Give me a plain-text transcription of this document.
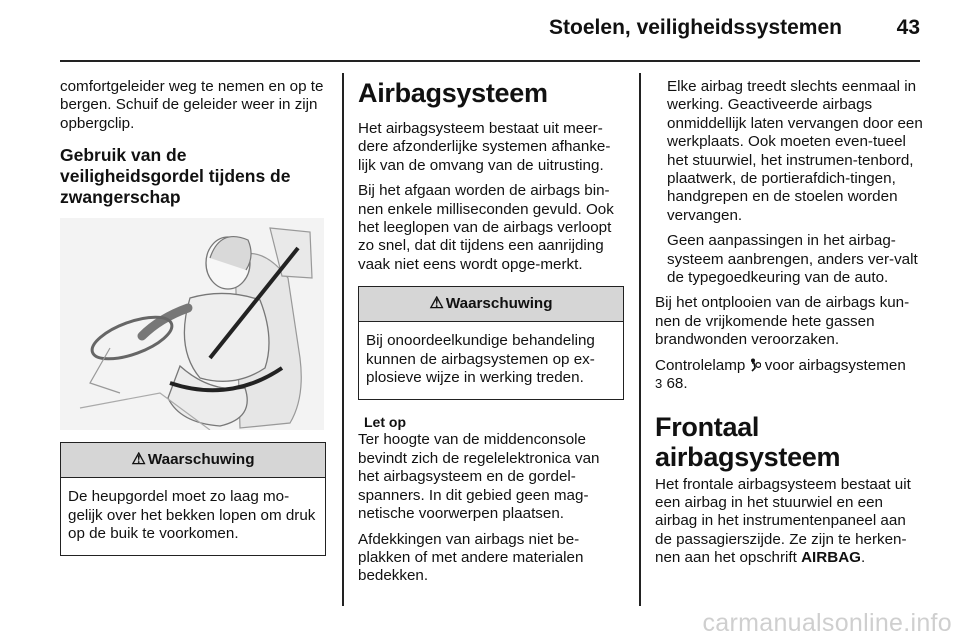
Stoelen, veiligheidssystemen	43

comfortgeleider weg te nemen en op te bergen. Schuif de geleider weer in zijn opbergclip.

Gebruik van de veiligheidsgordel tijdens de zwangerschap
⚠ Waarschuwing
De heupgordel moet zo laag mo-gelijk over het bekken lopen om druk op de buik te voorkomen.
Airbagsysteem

Het airbagsysteem bestaat uit meer-dere afzonderlijke systemen afhanke-lijk van de omvang van de uitrusting.

Bij het afgaan worden de airbags bin-nen enkele milliseconden gevuld. Ook het leeglopen van de airbags verloopt zo snel, dat dit tijdens een aanrijding vaak niet eens wordt opge-merkt.

⚠ Waarschuwing
Bij onoordeelkundige behandeling kunnen de airbagsystemen op ex-plosieve wijze in werking treden.
Let op

Ter hoogte van de middenconsole bevindt zich de regelelektronica van het airbagsysteem en de gordel-spanners. In dit gebied geen mag-netische voorwerpen plaatsen.

Afdekkingen van airbags niet be-plakken of met andere materialen bedekken.

Elke airbag treedt slechts eenmaal in werking. Geactiveerde airbags onmiddellijk laten vervangen door een werkplaats. Ook moeten even-tueel het stuurwiel, het instrumen-tenbord, plaatwerk, de portierafdich-tingen, handgrepen en de stoelen worden vervangen.

Geen aanpassingen in het airbag-systeem aanbrengen, anders ver-valt de typegoedkeuring van de auto.

Bij het ontplooien van de airbags kun-nen de vrijkomende hete gassen brandwonden veroorzaken.

Controlelamp voor airbagsystemen
3 68.

Frontaal airbagsysteem

Het frontale airbagsysteem bestaat uit een airbag in het stuurwiel en een airbag in het instrumentenpaneel aan de passagierszijde. Ze zijn te herken-nen aan het opschrift AIRBAG.

carmanualsonline.info
